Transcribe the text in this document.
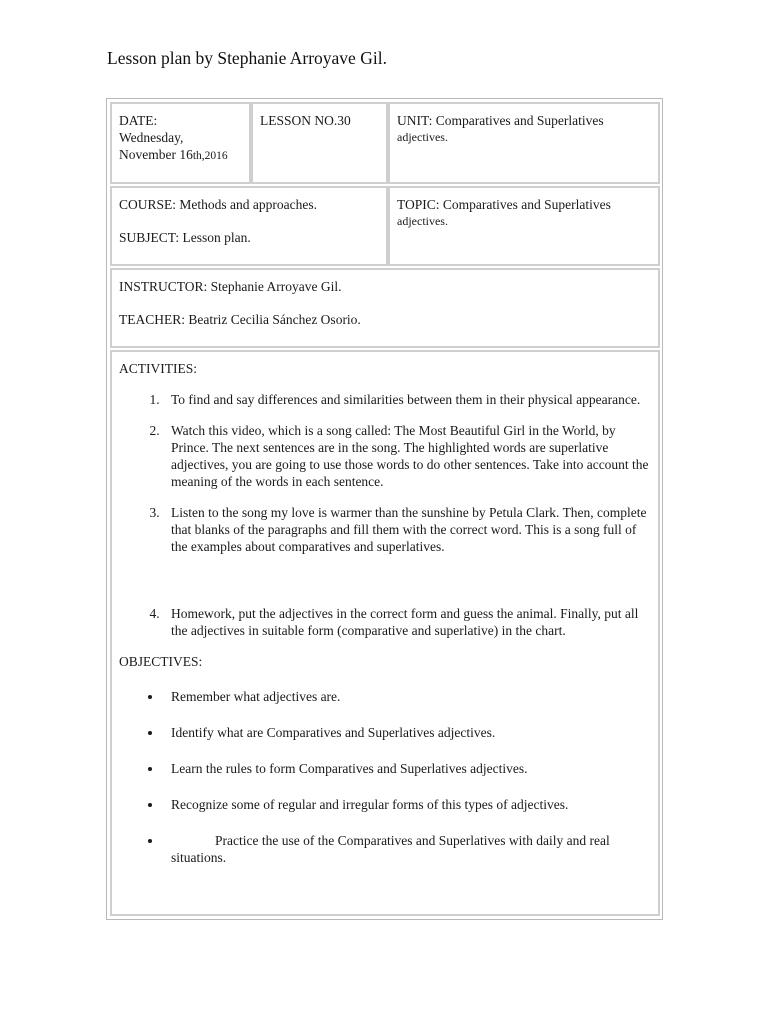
Lesson plan by Stephanie Arroyave Gil.

DATE:

Wednesday,

November 16th,2016

LESSON NO.30	UNIT: Comparatives and Superlatives

adjectives.

COURSE: Methods and approaches.

SUBJECT: Lesson plan.

TOPIC: Comparatives and Superlatives

adjectives.

INSTRUCTOR: Stephanie Arroyave Gil.

TEACHER: Beatriz Cecilia Sánchez Osorio.

ACTIVITIES:

1. To find and say differences and similarities between them in their physical appearance.
2. Watch this video, which is a song called: The Most Beautiful Girl in the World, by Prince. The next sentences are in the song. The highlighted words are superlative adjectives, you are going to use those words to do other sentences. Take into account the meaning of the words in each sentence.
3. Listen to the song my love is warmer than the sunshine by Petula Clark. Then, complete that blanks of the paragraphs and fill them with the correct word. This is a song full of the examples about comparatives and superlatives.
4. Homework, put the adjectives in the correct form and guess the animal. Finally, put all the adjectives in suitable form (comparative and superlative) in the chart.

OBJECTIVES:

• Remember what adjectives are.
• Identify what are Comparatives and Superlatives adjectives.
• Learn the rules to form Comparatives and Superlatives adjectives.
• Recognize some of regular and irregular forms of this types of adjectives.
• Practice the use of the Comparatives and Superlatives with daily and real situations.
